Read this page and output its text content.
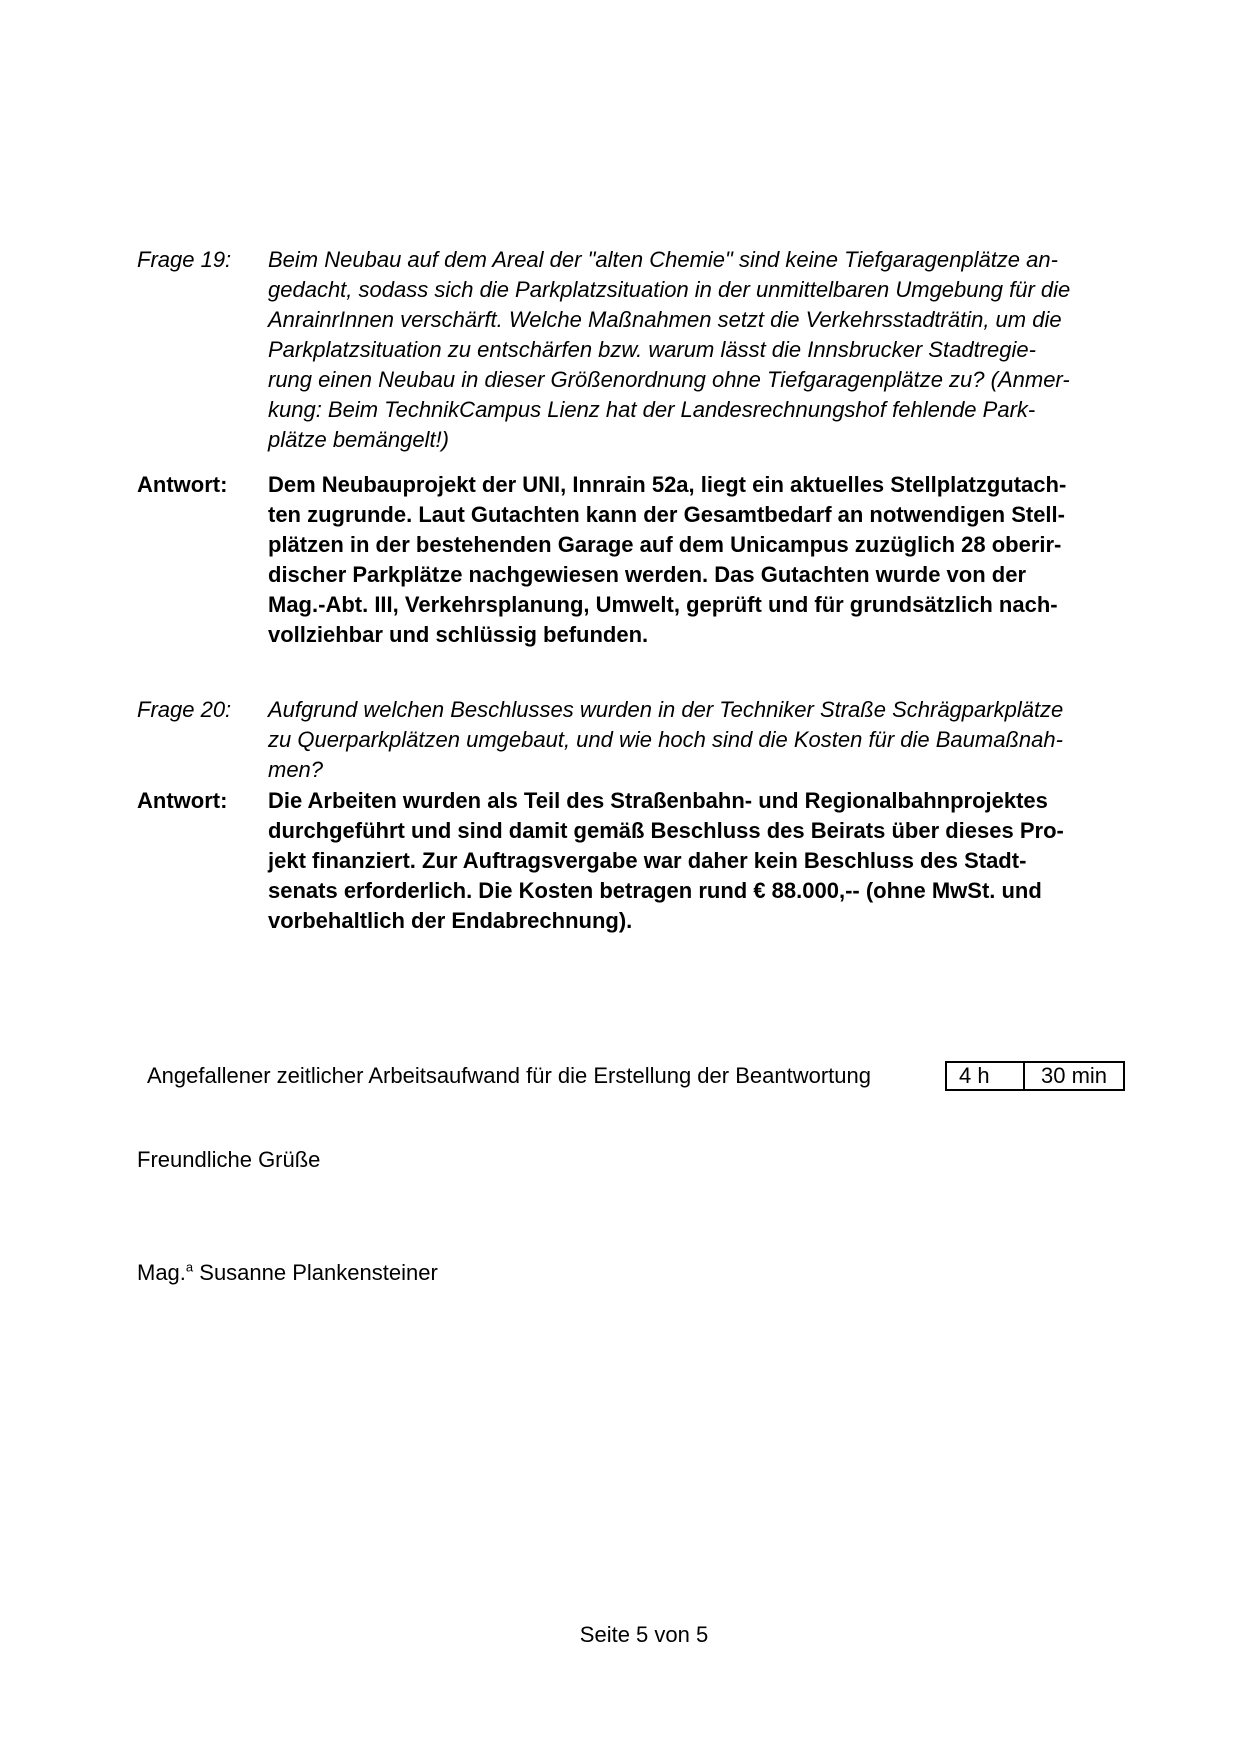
Frage 19:	Beim Neubau auf dem Areal der "alten Chemie" sind keine Tiefgaragenplätze an-
gedacht, sodass sich die Parkplatzsituation in der unmittelbaren Umgebung für die
AnrainrInnen verschärft. Welche Maßnahmen setzt die Verkehrsstadträtin, um die
Parkplatzsituation zu entschärfen bzw. warum lässt die Innsbrucker Stadtregie-
rung einen Neubau in dieser Größenordnung ohne Tiefgaragenplätze zu? (Anmer-
kung: Beim TechnikCampus Lienz hat der Landesrechnungshof fehlende Park-
plätze bemängelt!)
Antwort:	Dem Neubauprojekt der UNI, Innrain 52a, liegt ein aktuelles Stellplatzgutach-
ten zugrunde. Laut Gutachten kann der Gesamtbedarf an notwendigen Stell-
plätzen in der bestehenden Garage auf dem Unicampus zuzüglich 28 oberir-
discher Parkplätze nachgewiesen werden. Das Gutachten wurde von der
Mag.-Abt. III, Verkehrsplanung, Umwelt, geprüft und für grundsätzlich nach-
vollziehbar und schlüssig befunden.
Frage 20:	Aufgrund welchen Beschlusses wurden in der Techniker Straße Schrägparkplätze
zu Querparkplätzen umgebaut, und wie hoch sind die Kosten für die Baumaßnah-
men?
Antwort:	Die Arbeiten wurden als Teil des Straßenbahn- und Regionalbahnprojektes
durchgeführt und sind damit gemäß Beschluss des Beirats über dieses Pro-
jekt finanziert. Zur Auftragsvergabe war daher kein Beschluss des Stadt-
senats erforderlich. Die Kosten betragen rund € 88.000,-- (ohne MwSt. und
vorbehaltlich der Endabrechnung).
Angefallener zeitlicher Arbeitsaufwand für die Erstellung der Beantwortung	4 h	30 min
Freundliche Grüße
Mag.$^a$ Susanne Plankensteiner
Seite 5 von 5
